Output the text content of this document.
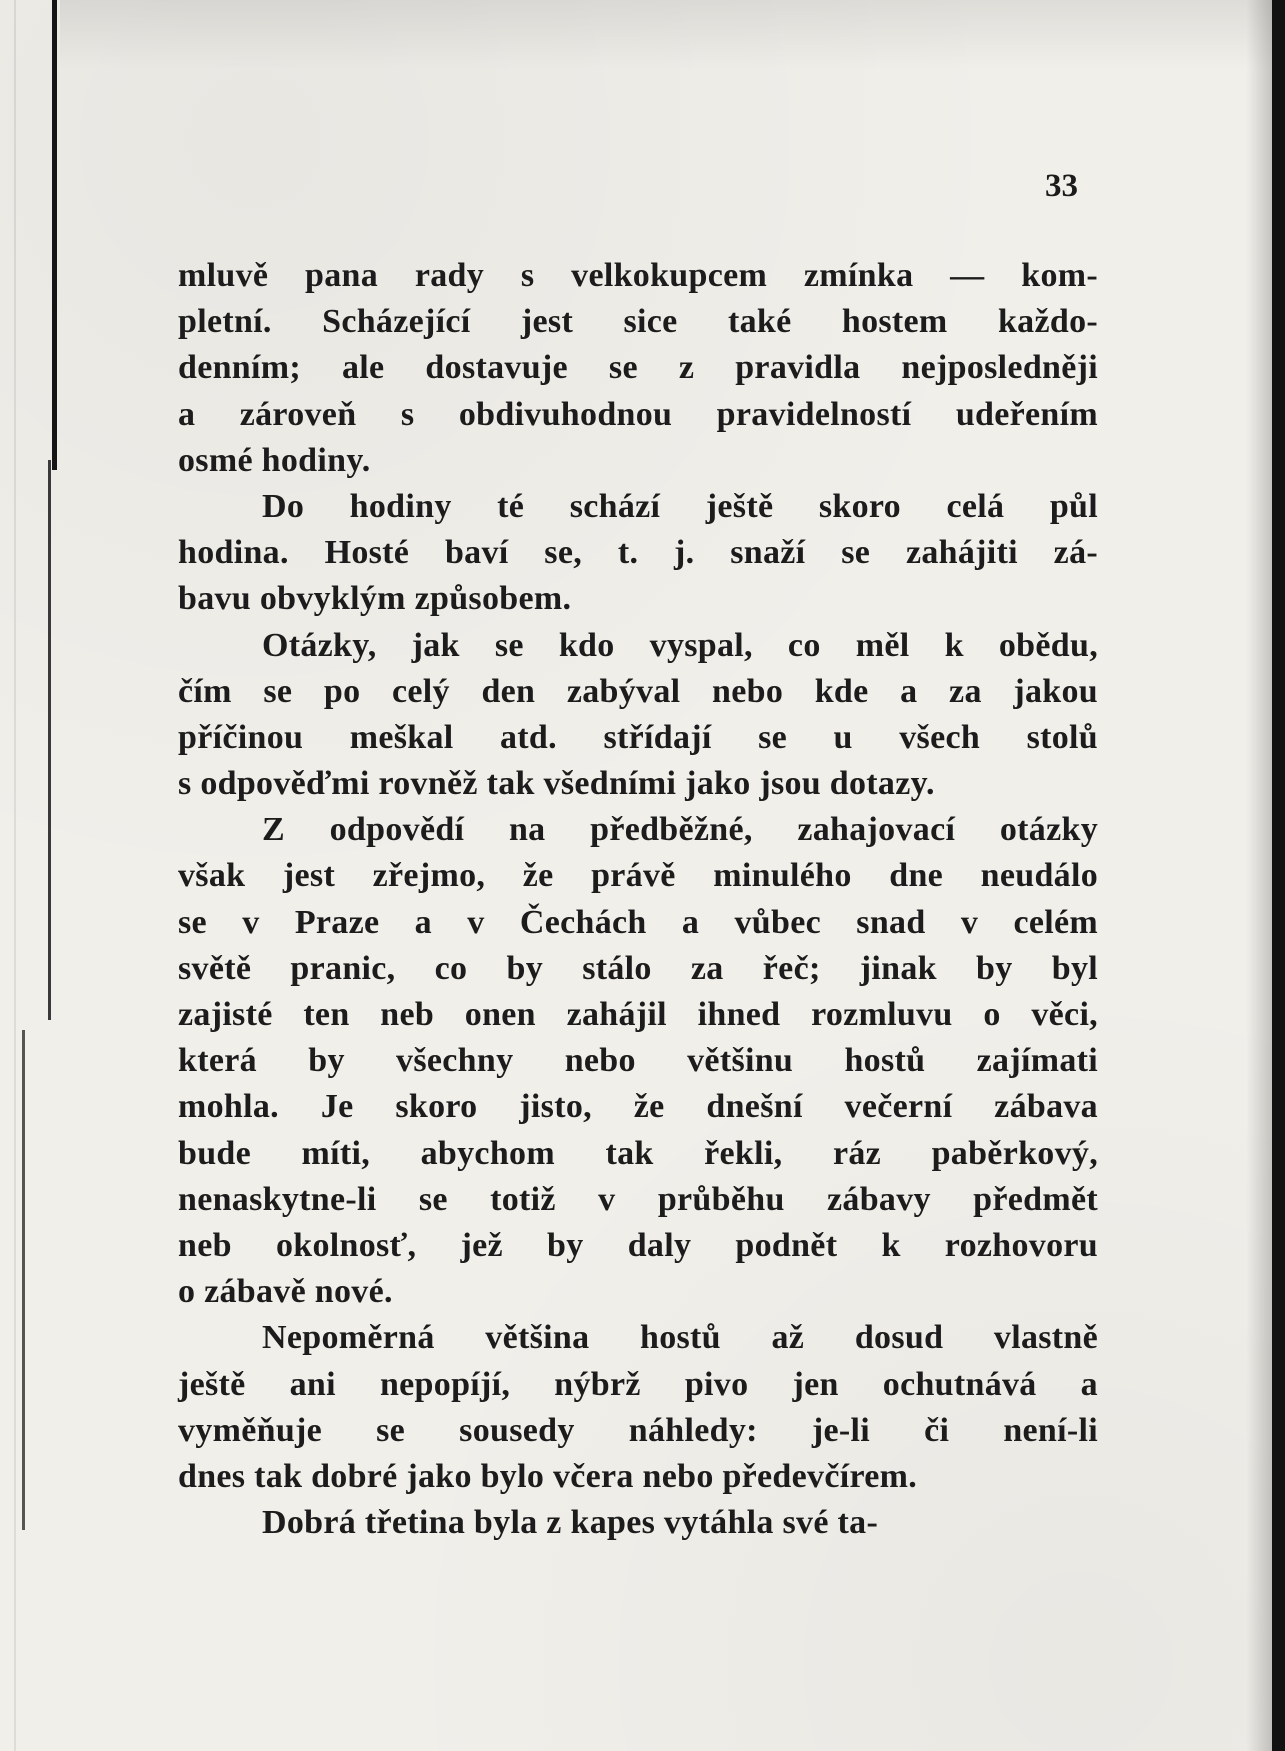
33
mluvě pana rady s velkokupcem zmínka — kom-
pletní. Scházející jest sice také hostem každo-
denním; ale dostavuje se z pravidla nejposledněji
a zároveň s obdivuhodnou pravidelností udeřením
osmé hodiny.
Do hodiny té schází ještě skoro celá půl
hodina. Hosté baví se, t. j. snaží se zahájiti zá-
bavu obvyklým způsobem.
Otázky, jak se kdo vyspal, co měl k obědu,
čím se po celý den zabýval nebo kde a za jakou
příčinou meškal atd. střídají se u všech stolů
s odpověďmi rovněž tak všedními jako jsou dotazy.
Z odpovědí na předběžné, zahajovací otázky
však jest zřejmo, že právě minulého dne neudálo
se v Praze a v Čechách a vůbec snad v celém
světě pranic, co by stálo za řeč; jinak by byl
zajisté ten neb onen zahájil ihned rozmluvu o věci,
která by všechny nebo většinu hostů zajímati
mohla. Je skoro jisto, že dnešní večerní zábava
bude míti, abychom tak řekli, ráz paběrkový,
nenaskytne-li se totiž v průběhu zábavy předmět
neb okolnosť, jež by daly podnět k rozhovoru
o zábavě nové.
Nepoměrná většina hostů až dosud vlastně
ještě ani nepopíjí, nýbrž pivo jen ochutnává a
vyměňuje se sousedy náhledy: je-li či není-li
dnes tak dobré jako bylo včera nebo předevčírem.
Dobrá třetina byla z kapes vytáhla své ta-
